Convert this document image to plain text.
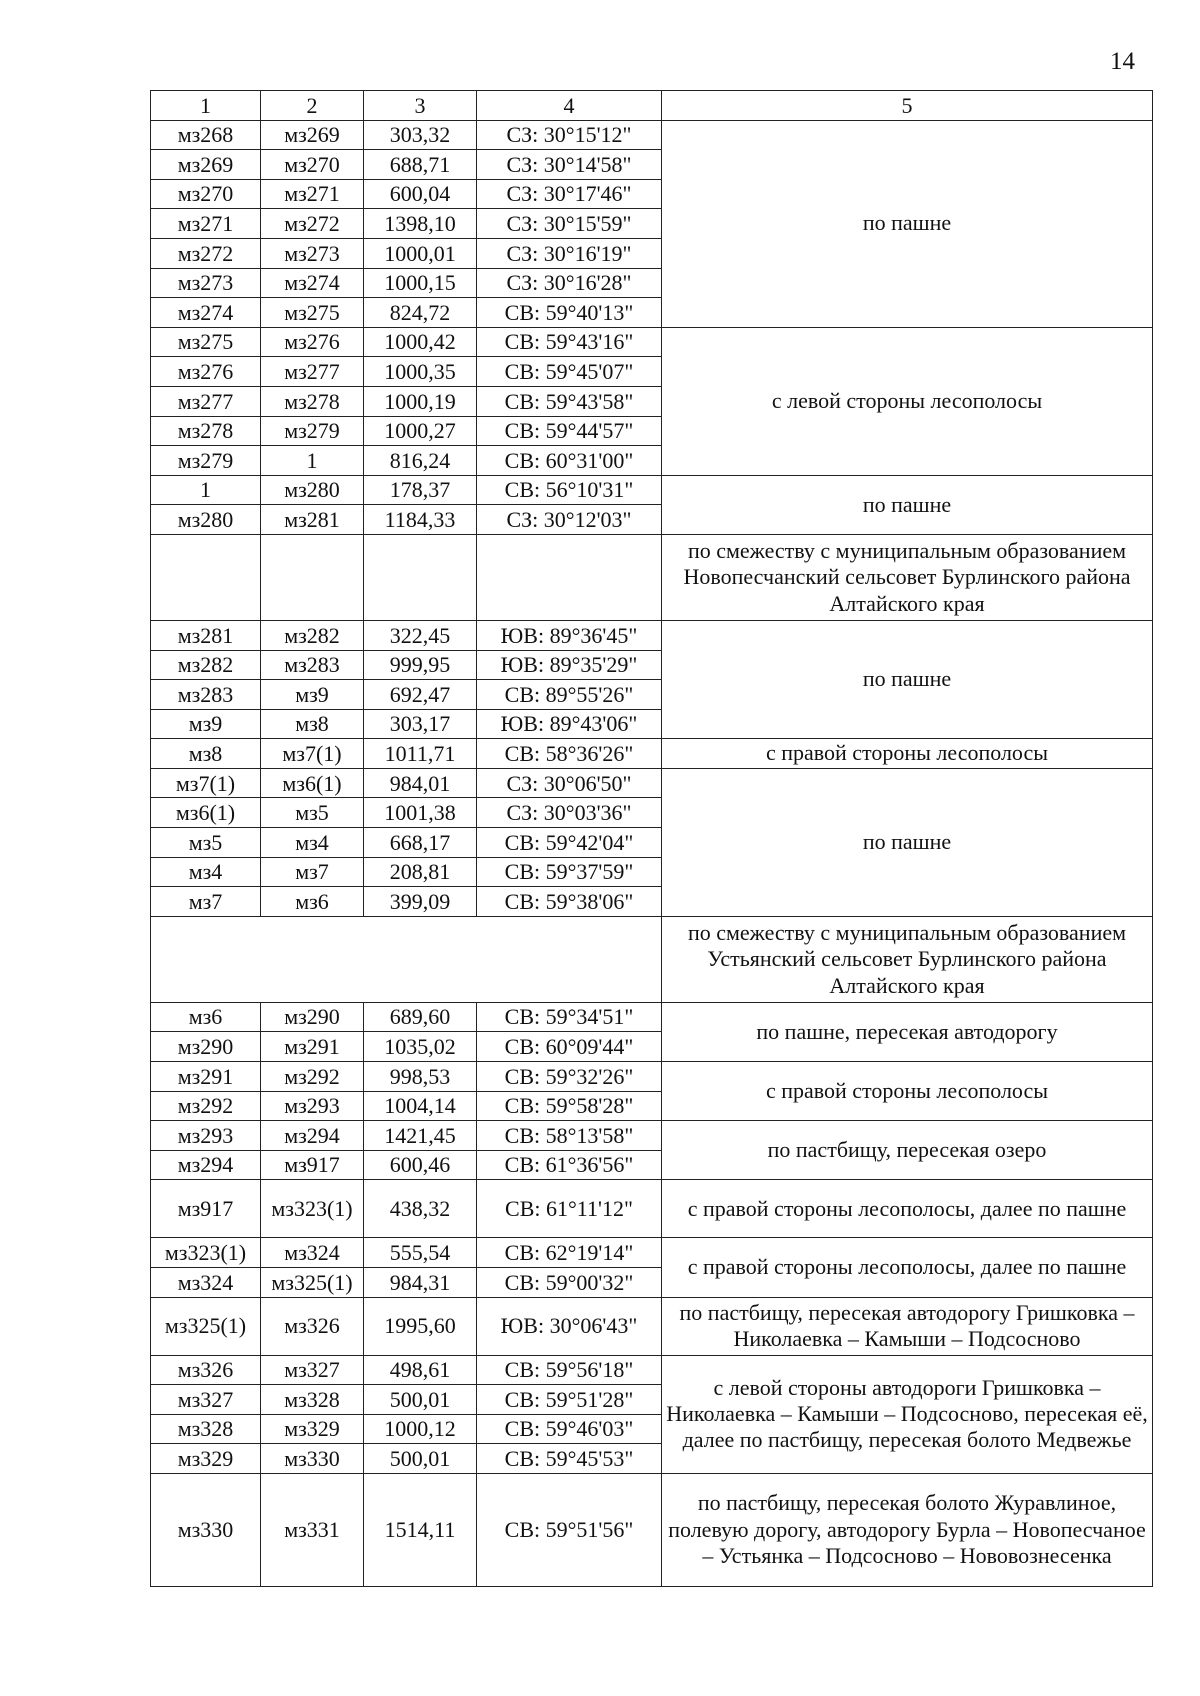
14
1	2	3	4	5
мз268	мз269	303,32	СЗ: 30°15'12"	по пашне
мз269	мз270	688,71	СЗ: 30°14'58"	
мз270	мз271	600,04	СЗ: 30°17'46"	
мз271	мз272	1398,10	СЗ: 30°15'59"	
мз272	мз273	1000,01	СЗ: 30°16'19"	
мз273	мз274	1000,15	СЗ: 30°16'28"	
мз274	мз275	824,72	СВ: 59°40'13"	
мз275	мз276	1000,42	СВ: 59°43'16"	с левой стороны лесополосы
мз276	мз277	1000,35	СВ: 59°45'07"	
мз277	мз278	1000,19	СВ: 59°43'58"	
мз278	мз279	1000,27	СВ: 59°44'57"	
мз279	1	816,24	СВ: 60°31'00"	
1	мз280	178,37	СВ: 56°10'31"	по пашне
мз280	мз281	1184,33	СЗ: 30°12'03"	
				по смежеству с муниципальным образованием Новопесчанский сельсовет Бурлинского района Алтайского края
мз281	мз282	322,45	ЮВ: 89°36'45"	по пашне
мз282	мз283	999,95	ЮВ: 89°35'29"	
мз283	мз9	692,47	СВ: 89°55'26"	
мз9	мз8	303,17	ЮВ: 89°43'06"	
мз8	мз7(1)	1011,71	СВ: 58°36'26"	с правой стороны лесополосы
мз7(1)	мз6(1)	984,01	СЗ: 30°06'50"	по пашне
мз6(1)	мз5	1001,38	СЗ: 30°03'36"	
мз5	мз4	668,17	СВ: 59°42'04"	
мз4	мз7	208,81	СВ: 59°37'59"	
мз7	мз6	399,09	СВ: 59°38'06"	
				по смежеству с муниципальным образованием Устьянский сельсовет Бурлинского района Алтайского края
мз6	мз290	689,60	СВ: 59°34'51"	по пашне, пересекая автодорогу
мз290	мз291	1035,02	СВ: 60°09'44"	
мз291	мз292	998,53	СВ: 59°32'26"	с правой стороны лесополосы
мз292	мз293	1004,14	СВ: 59°58'28"	
мз293	мз294	1421,45	СВ: 58°13'58"	по пастбищу, пересекая озеро
мз294	мз917	600,46	СВ: 61°36'56"	
мз917	мз323(1)	438,32	СВ: 61°11'12"	с правой стороны лесополосы, далее по пашне
мз323(1)	мз324	555,54	СВ: 62°19'14"	с правой стороны лесополосы, далее по пашне
мз324	мз325(1)	984,31	СВ: 59°00'32"	
мз325(1)	мз326	1995,60	ЮВ: 30°06'43"	по пастбищу, пересекая автодорогу Гришковка – Николаевка – Камыши – Подсосново
мз326	мз327	498,61	СВ: 59°56'18"	с левой стороны автодороги Гришковка – Николаевка – Камыши – Подсосново, пересекая её, далее по пастбищу, пересекая болото Медвежье
мз327	мз328	500,01	СВ: 59°51'28"	
мз328	мз329	1000,12	СВ: 59°46'03"	
мз329	мз330	500,01	СВ: 59°45'53"	
мз330	мз331	1514,11	СВ: 59°51'56"	по пастбищу, пересекая болото Журавлиное, полевую дорогу, автодорогу Бурла – Новопесчаное – Устьянка – Подсосново – Нововознесенка
